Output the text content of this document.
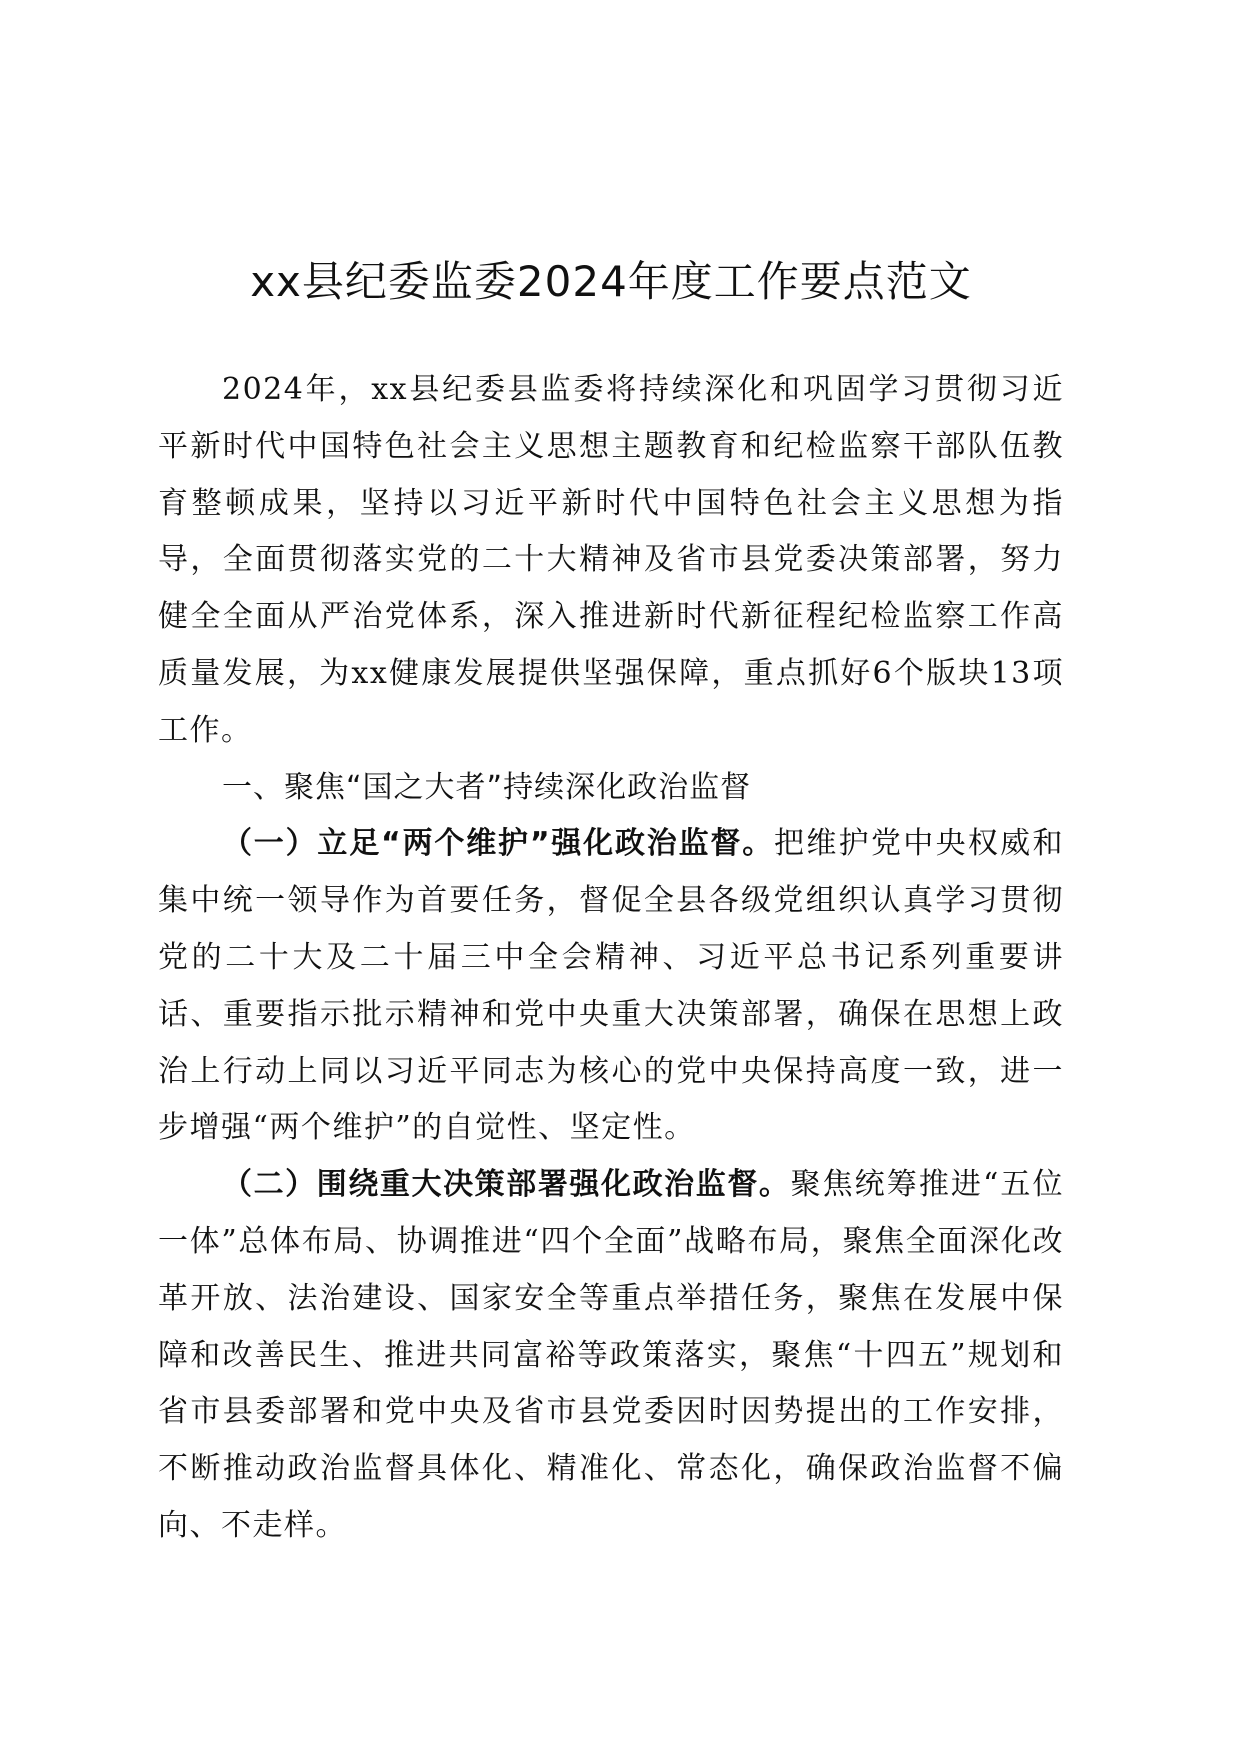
xx县纪委监委2024年度工作要点范文

2024年，xx县纪委县监委将持续深化和巩固学习贯彻习近平新时代中国特色社会主义思想主题教育和纪检监察干部队伍教育整顿成果，坚持以习近平新时代中国特色社会主义思想为指导，全面贯彻落实党的二十大精神及省市县党委决策部署，努力健全全面从严治党体系，深入推进新时代新征程纪检监察工作高质量发展，为xx健康发展提供坚强保障，重点抓好6个版块13项工作。

一、聚焦“国之大者”持续深化政治监督

（一）立足“两个维护”强化政治监督。把维护党中央权威和集中统一领导作为首要任务，督促全县各级党组织认真学习贯彻党的二十大及二十届三中全会精神、习近平总书记系列重要讲话、重要指示批示精神和党中央重大决策部署，确保在思想上政治上行动上同以习近平同志为核心的党中央保持高度一致，进一步增强“两个维护”的自觉性、坚定性。

（二）围绕重大决策部署强化政治监督。聚焦统筹推进“五位一体”总体布局、协调推进“四个全面”战略布局，聚焦全面深化改革开放、法治建设、国家安全等重点举措任务，聚焦在发展中保障和改善民生、推进共同富裕等政策落实，聚焦“十四五”规划和省市县委部署和党中央及省市县党委因时因势提出的工作安排，不断推动政治监督具体化、精准化、常态化，确保政治监督不偏向、不走样。
